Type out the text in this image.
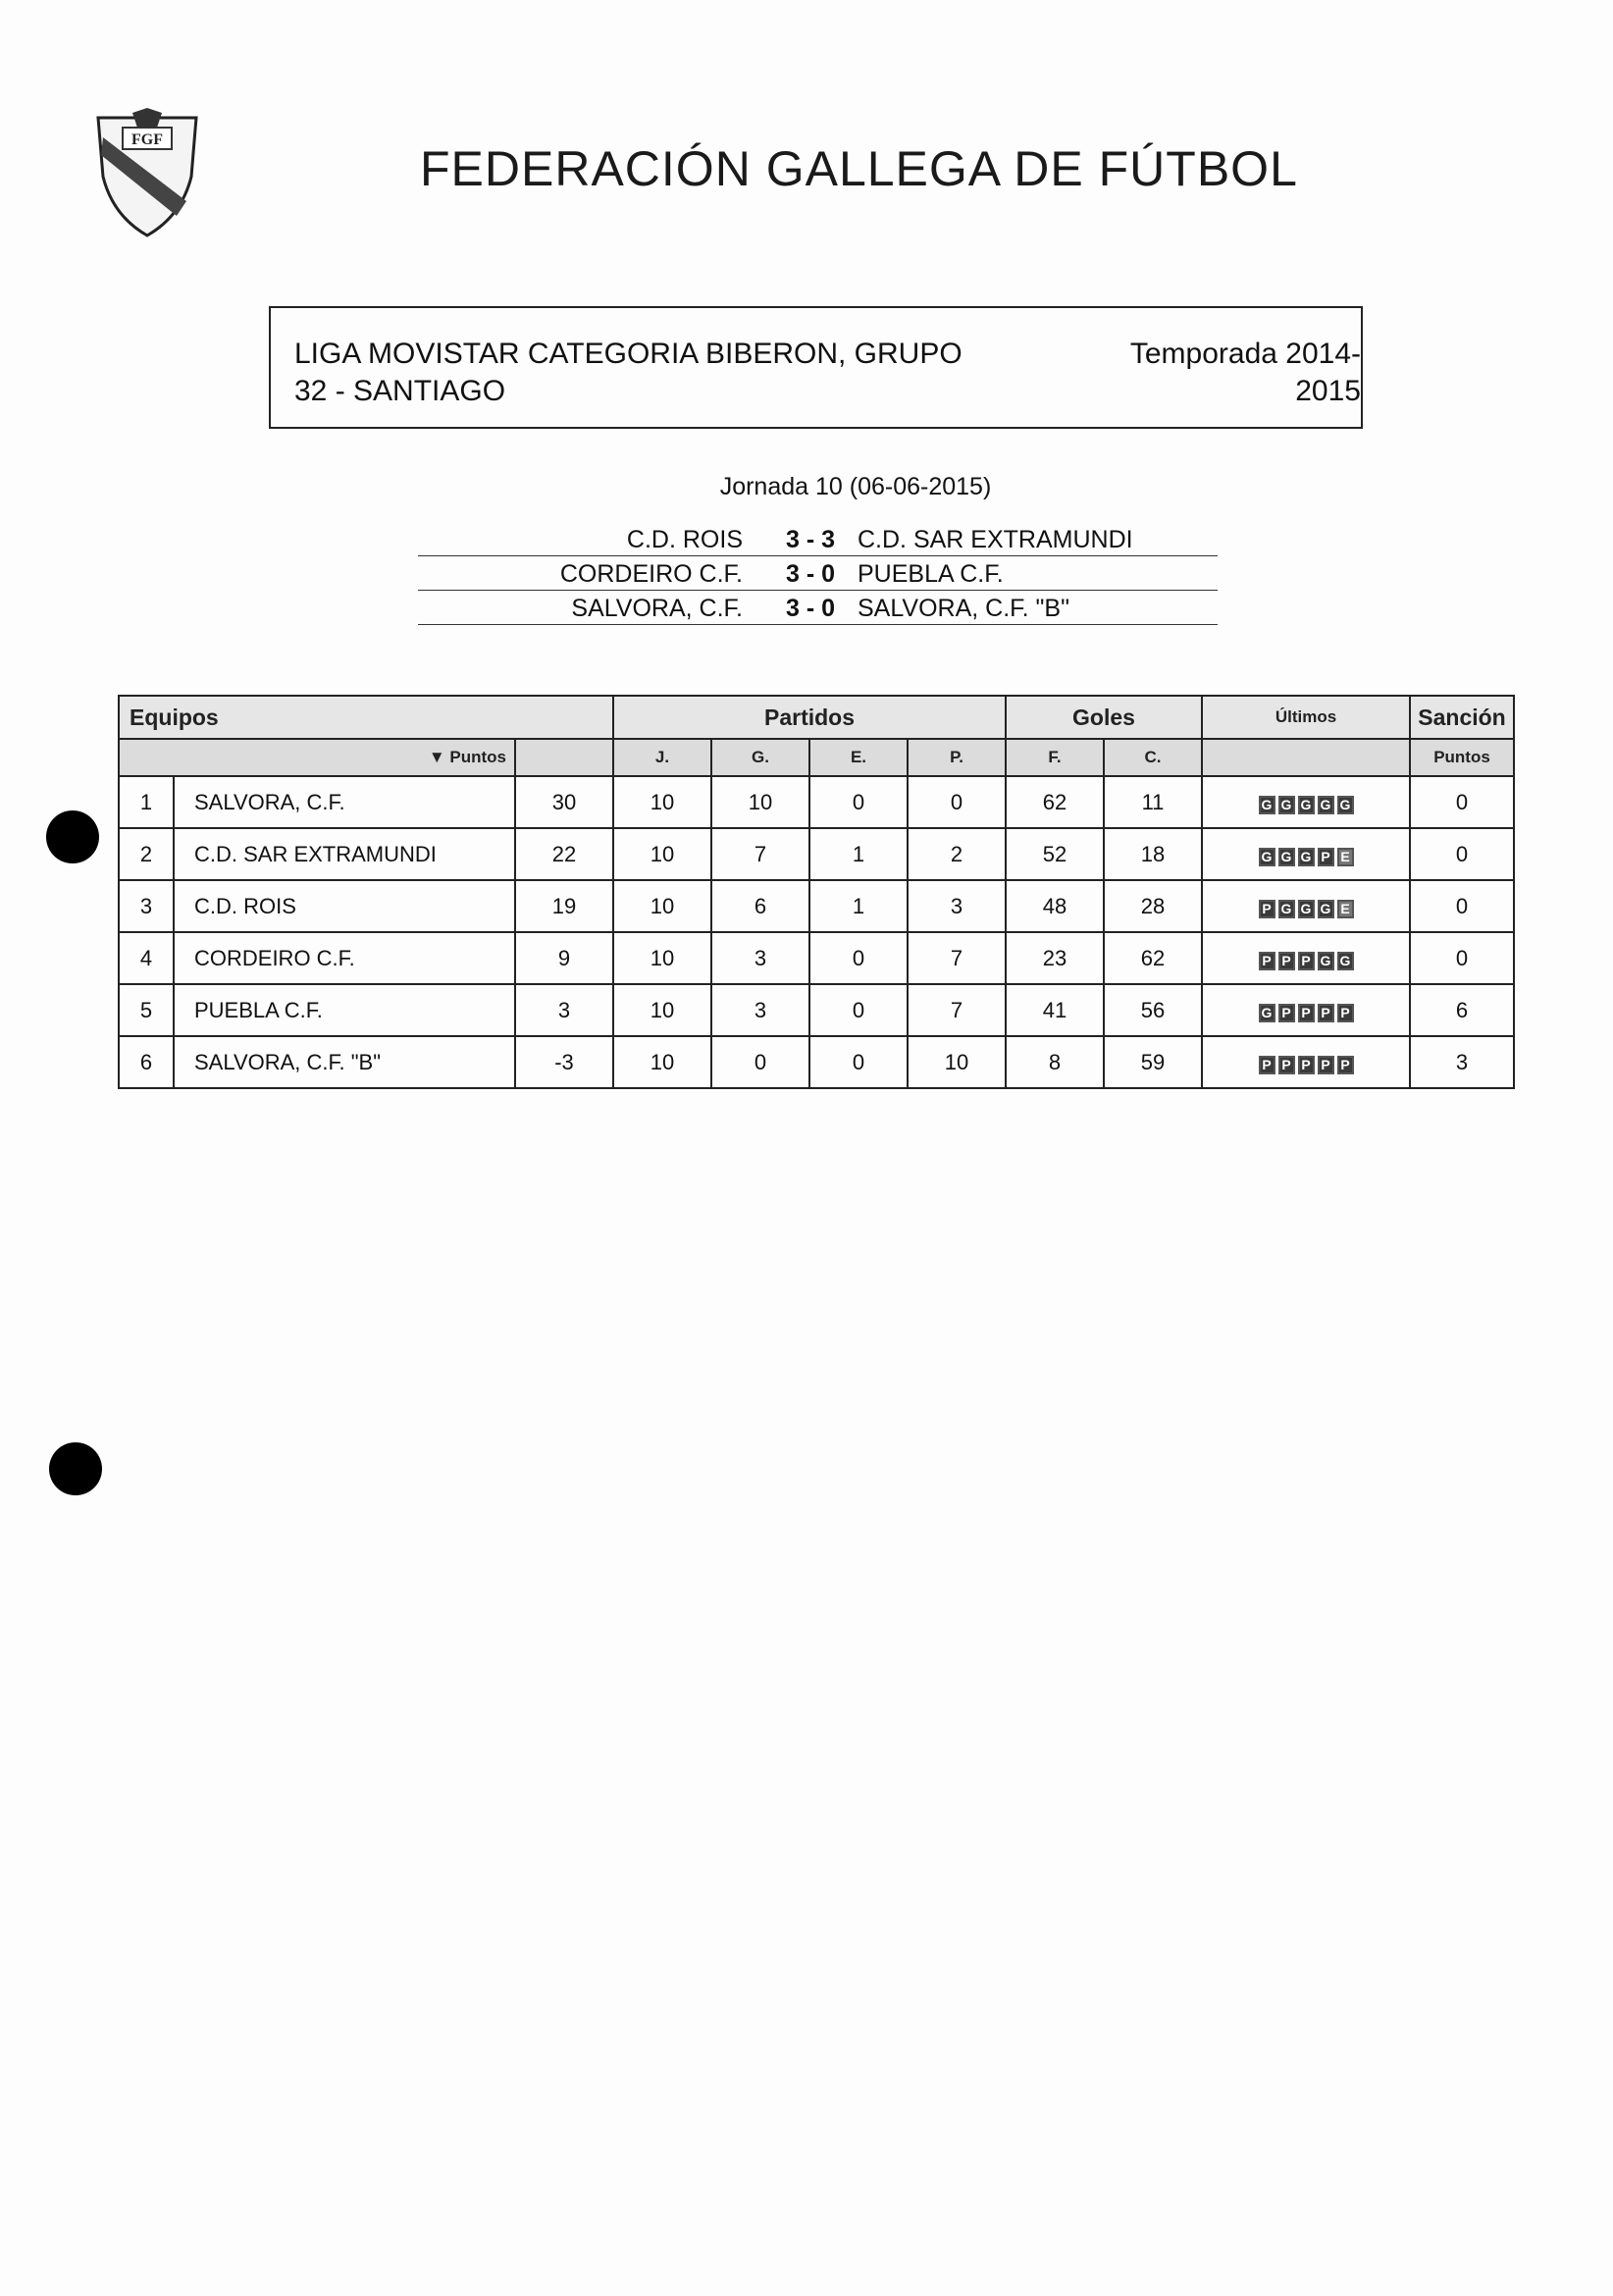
FGF
FEDERACIÓN GALLEGA DE FÚTBOL
LIGA MOVISTAR CATEGORIA BIBERON, GRUPO 32 - SANTIAGO
Temporada 2014-2015
Jornada 10 (06-06-2015)
C.D. ROIS 3 - 3 C.D. SAR EXTRAMUNDI
CORDEIRO C.F. 3 - 0 PUEBLA C.F.
SALVORA, C.F. 3 - 0 SALVORA, C.F. "B"
Equipos			Partidos				Goles		Últimos	Sanción
▼ Puntos			J.	G.	E.	P.	F.	C.		Puntos
1	SALVORA, C.F.	30	10	10	0	0	62	11	G G G G G	0
2	C.D. SAR EXTRAMUNDI	22	10	7	1	2	52	18	G G G P E	0
3	C.D. ROIS	19	10	6	1	3	48	28	P G G G E	0
4	CORDEIRO C.F.	9	10	3	0	7	23	62	P P P G G	0
5	PUEBLA C.F.	3	10	3	0	7	41	56	G P P P P	6
6	SALVORA, C.F. "B"	-3	10	0	0	10	8	59	P P P P P	3
